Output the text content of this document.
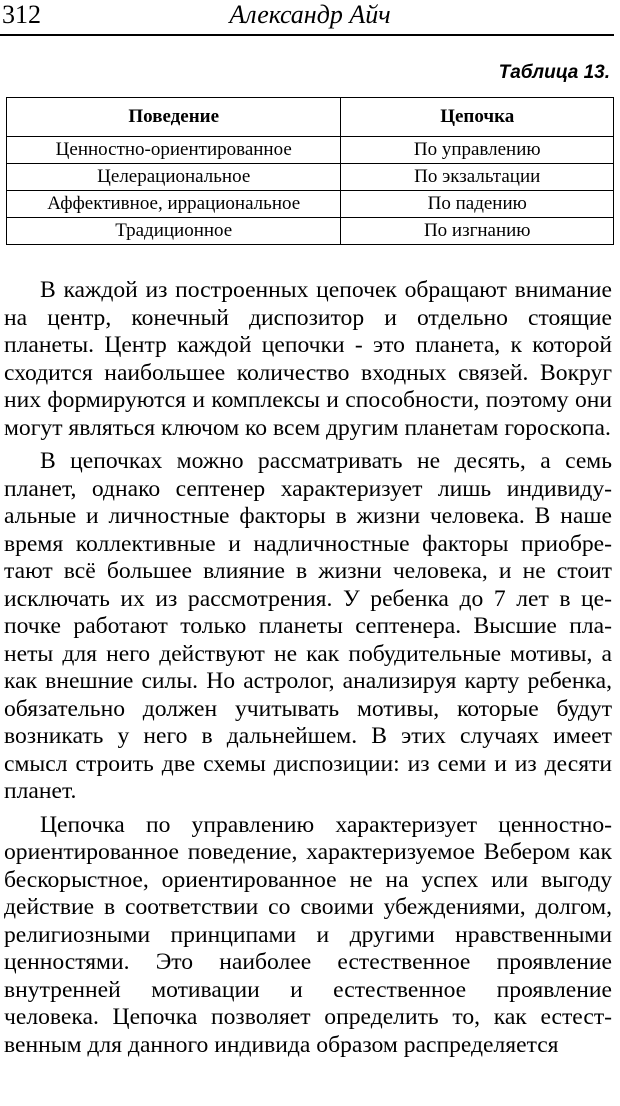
312	Александр Айч
Таблица 13.
Поведение	Цепочка
Ценностно-ориентированное	По управлению
Целерациональное	По экзальтации
Аффективное, иррациональное	По падению
Традиционное	По изгнанию

В каждой из построенных цепочек обращают внимание на центр, конечный диспозитор и отдельно стоящие планеты. Центр каждой цепочки - это планета, к которой сходится наибольшее количество входных связей. Вокруг них формируются и комплексы и способности, поэтому они могут являться ключом ко всем другим планетам гороскопа.

В цепочках можно рассматривать не десять, а семь планет, однако септенер характеризует лишь индивидуальные и личностные факторы в жизни человека. В наше время коллективные и надличностные факторы приобретают всё большее влияние в жизни человека, и не стоит исключать их из рассмотрения. У ребенка до 7 лет в цепочке работают только планеты септенера. Высшие планеты для него действуют не как побудительные мотивы, а как внешние силы. Но астролог, анализируя карту ребенка, обязательно должен учитывать мотивы, которые будут возникать у него в дальнейшем. В этих случаях имеет смысл строить две схемы диспозиции: из семи и из десяти планет.

Цепочка по управлению характеризует ценностно-ориентированное поведение, характеризуемое Вебером как бескорыстное, ориентированное не на успех или выгоду действие в соответствии со своими убеждениями, долгом, религиозными принципами и другими нравственными ценностями. Это наиболее естественное проявление внутренней мотивации и естественное проявление человека. Цепочка позволяет определить то, как естественным для данного индивида образом распределяется
